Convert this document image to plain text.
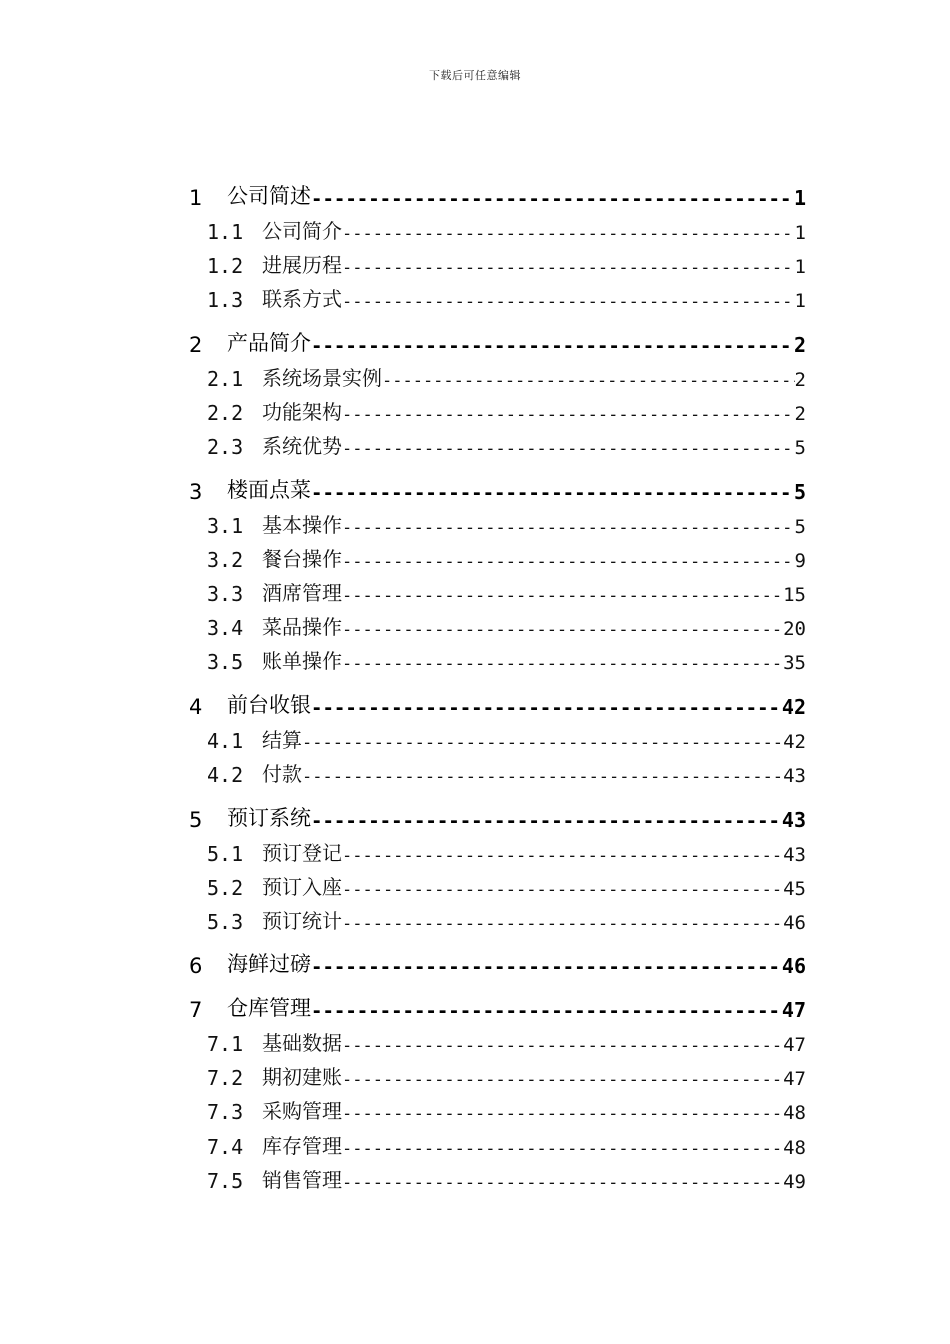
下载后可任意编辑
1	公司简述 -----	1
1.1 公司简介 -----	1
1.2 进展历程 -----	1
1.3 联系方式 -----	1
2	产品简介 -----	2
2.1 系统场景实例 -----	2
2.2 功能架构 -----	2
2.3 系统优势 -----	5
3	楼面点菜 -----	5
3.1 基本操作 -----	5
3.2 餐台操作 -----	9
3.3 酒席管理 -----	15
3.4 菜品操作 -----	20
3.5 账单操作 -----	35
4	前台收银 -----	42
4.1 结算 -----	42
4.2 付款 -----	43
5	预订系统 -----	43
5.1 预订登记 -----	43
5.2 预订入座 -----	45
5.3 预订统计 -----	46
6	海鲜过磅 -----	46
7	仓库管理 -----	47
7.1 基础数据 -----	47
7.2 期初建账 -----	47
7.3 采购管理 -----	48
7.4 库存管理 -----	48
7.5 销售管理 -----	49
